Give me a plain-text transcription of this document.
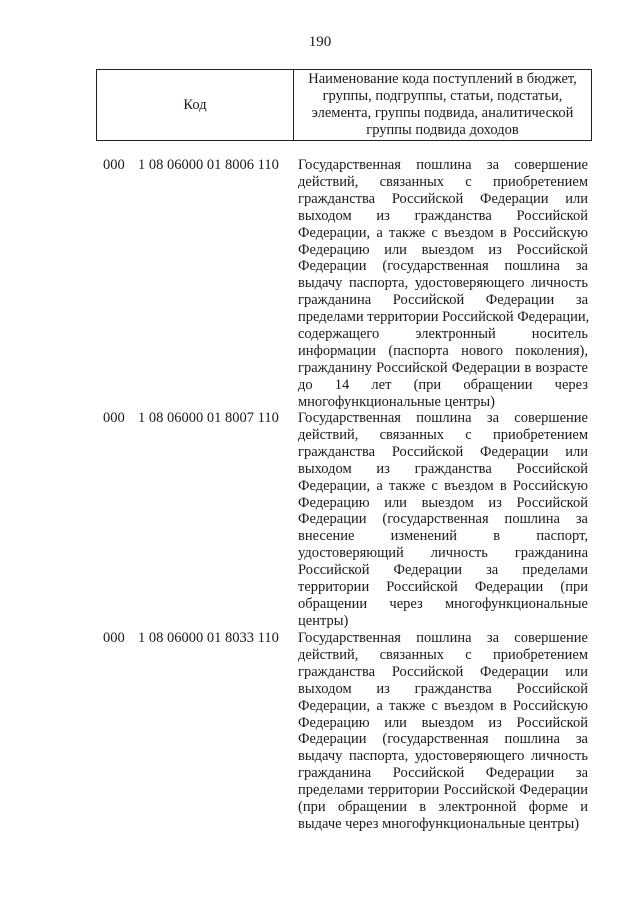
190
Код
Наименование кода поступлений в бюджет, группы, подгруппы, статьи, подстатьи, элемента, группы подвида, аналитической группы подвида доходов
000 1 08 06000 01 8006 110 Государственная пошлина за совершение
действий, связанных с приобретением
гражданства Российской Федерации или
выходом из гражданства Российской
Федерации, а также с въездом в Российскую
Федерацию или выездом из Российской
Федерации (государственная пошлина за
выдачу паспорта, удостоверяющего личность
гражданина Российской Федерации за
пределами территории Российской Федерации,
содержащего электронный носитель
информации (паспорта нового поколения),
гражданину Российской Федерации в возрасте
до 14 лет (при обращении через
многофункциональные центры)
000 1 08 06000 01 8007 110 Государственная пошлина за совершение
действий, связанных с приобретением
гражданства Российской Федерации или
выходом из гражданства Российской
Федерации, а также с въездом в Российскую
Федерацию или выездом из Российской
Федерации (государственная пошлина за
внесение изменений в паспорт,
удостоверяющий личность гражданина
Российской Федерации за пределами
территории Российской Федерации (при
обращении через многофункциональные
центры)
000 1 08 06000 01 8033 110 Государственная пошлина за совершение
действий, связанных с приобретением
гражданства Российской Федерации или
выходом из гражданства Российской
Федерации, а также с въездом в Российскую
Федерацию или выездом из Российской
Федерации (государственная пошлина за
выдачу паспорта, удостоверяющего личность
гражданина Российской Федерации за
пределами территории Российской Федерации
(при обращении в электронной форме и
выдаче через многофункциональные центры)
